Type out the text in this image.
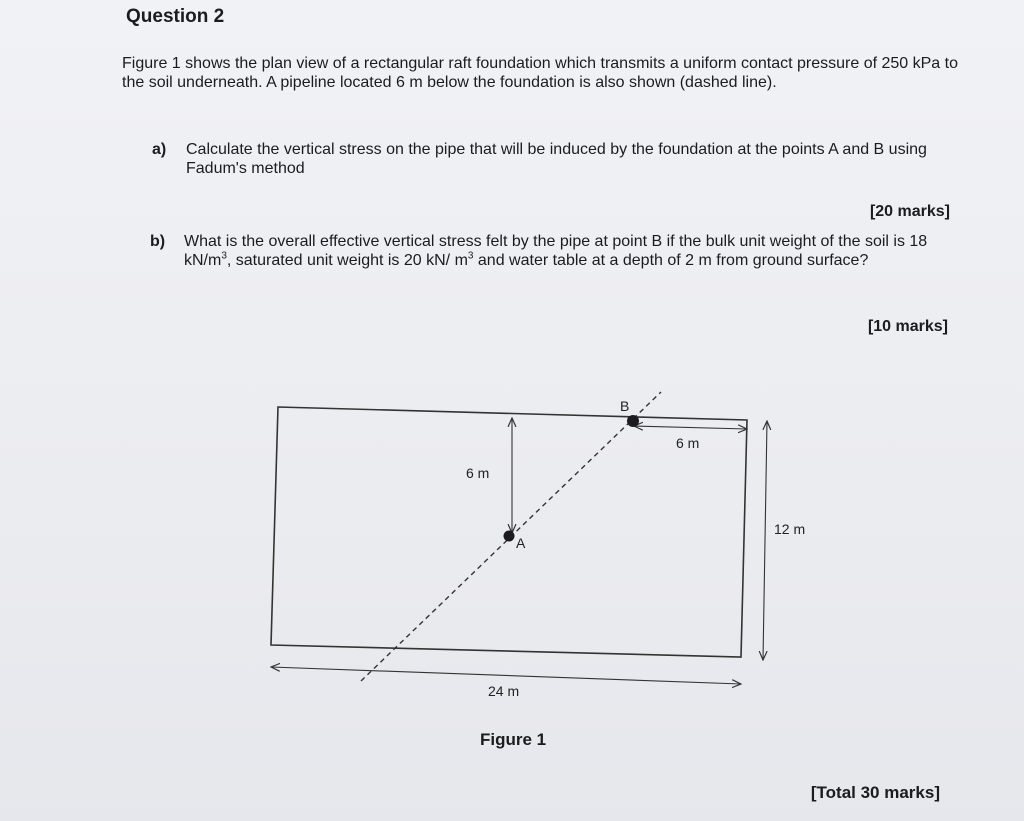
Question 2
Figure 1 shows the plan view of a rectangular raft foundation which transmits a uniform contact pressure of 250 kPa to the soil underneath. A pipeline located 6 m below the foundation is also shown (dashed line).
a) Calculate the vertical stress on the pipe that will be induced by the foundation at the points A and B using Fadum's method
[20 marks]
b) What is the overall effective vertical stress felt by the pipe at point B if the bulk unit weight of the soil is 18 $kN/m^3$, saturated unit weight is 20 kN/ $m^3$ and water table at a depth of 2 m from ground surface?
[10 marks]
A
B
6 m
6 m
12 m
24 m
Figure 1
[Total 30 marks]
